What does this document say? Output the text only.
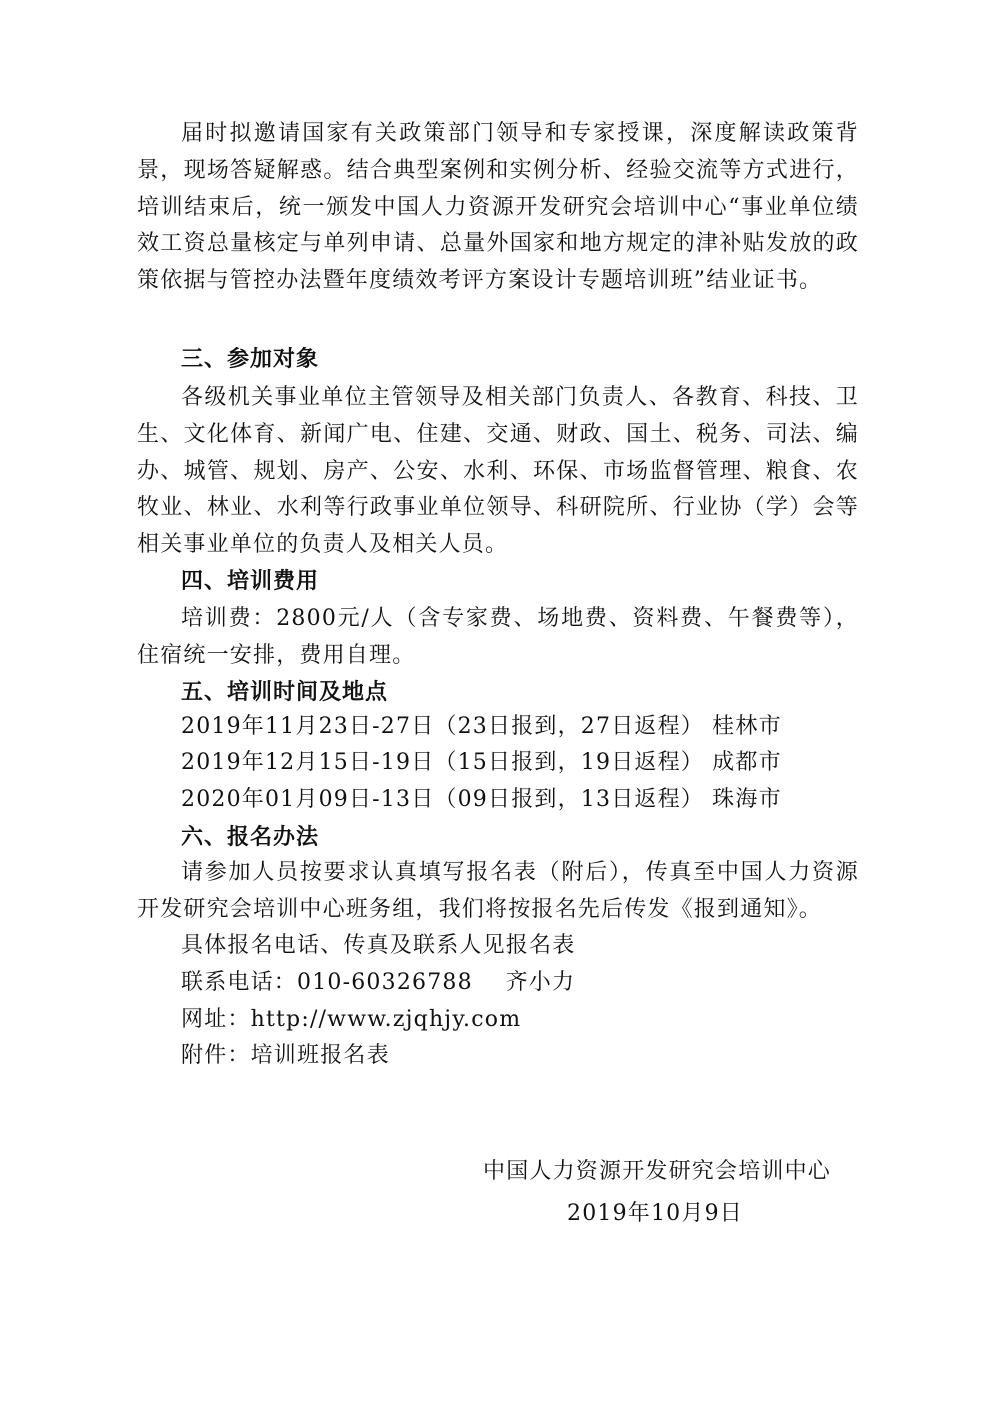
届时拟邀请国家有关政策部门领导和专家授课，深度解读政策背景，现场答疑解惑。结合典型案例和实例分析、经验交流等方式进行，培训结束后，统一颁发中国人力资源开发研究会培训中心“事业单位绩效工资总量核定与单列申请、总量外国家和地方规定的津补贴发放的政策依据与管控办法暨年度绩效考评方案设计专题培训班”结业证书。

三、参加对象

各级机关事业单位主管领导及相关部门负责人、各教育、科技、卫生、文化体育、新闻广电、住建、交通、财政、国土、税务、司法、编办、城管、规划、房产、公安、水利、环保、市场监督管理、粮食、农牧业、林业、水利等行政事业单位领导、科研院所、行业协（学）会等相关事业单位的负责人及相关人员。

四、培训费用

培训费：2800元/人（含专家费、场地费、资料费、午餐费等），住宿统一安排，费用自理。

五、培训时间及地点
2019年11月23日-27日（23日报到，27日返程） 桂林市
2019年12月15日-19日（15日报到，19日返程） 成都市
2020年01月09日-13日（09日报到，13日返程） 珠海市
六、报名办法

请参加人员按要求认真填写报名表（附后），传真至中国人力资源开发研究会培训中心班务组，我们将按报名先后传发《报到通知》。

具体报名电话、传真及联系人见报名表
联系电话：010-60326788    齐小力
网址：http://www.zjqhjy.com
附件：培训班报名表
中国人力资源开发研究会培训中心
2019年10月9日
